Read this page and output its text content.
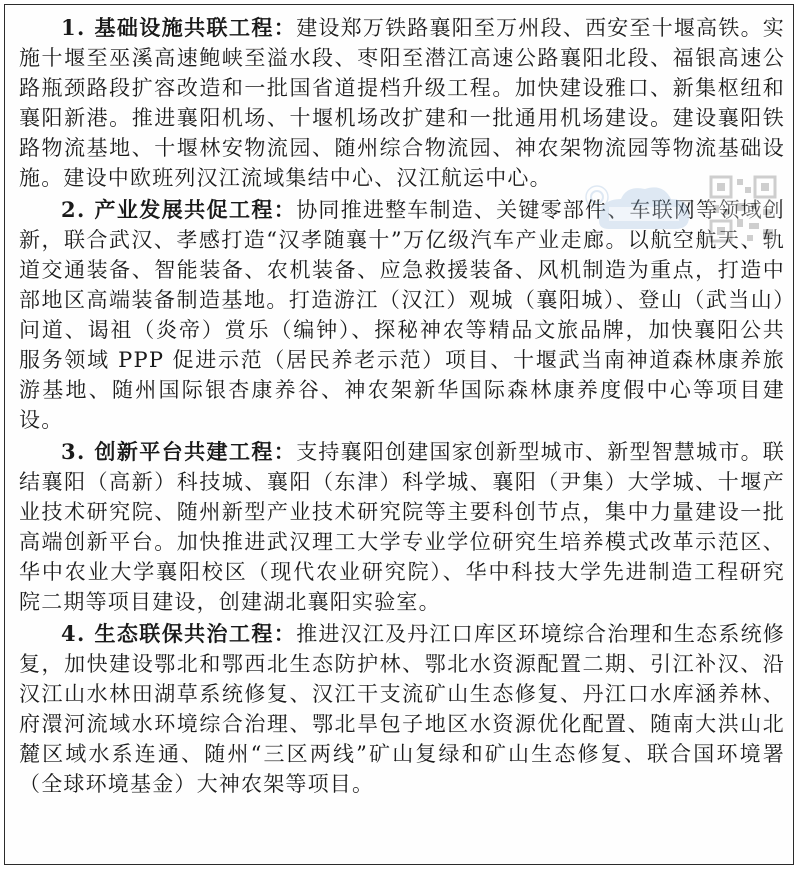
1. 基础设施共联工程：建设郑万铁路襄阳至万州段、西安至十堰高铁。实施十堰至巫溪高速鲍峡至溢水段、枣阳至潜江高速公路襄阳北段、福银高速公路瓶颈路段扩容改造和一批国省道提档升级工程。加快建设雅口、新集枢纽和襄阳新港。推进襄阳机场、十堰机场改扩建和一批通用机场建设。建设襄阳铁路物流基地、十堰林安物流园、随州综合物流园、神农架物流园等物流基础设施。建设中欧班列汉江流域集结中心、汉江航运中心。

2. 产业发展共促工程：协同推进整车制造、关键零部件、车联网等领域创新，联合武汉、孝感打造“汉孝随襄十”万亿级汽车产业走廊。以航空航天、轨道交通装备、智能装备、农机装备、应急救援装备、风机制造为重点，打造中部地区高端装备制造基地。打造游江（汉江）观城（襄阳城）、登山（武当山）问道、谒祖（炎帝）赏乐（编钟）、探秘神农等精品文旅品牌，加快襄阳公共服务领域 PPP 促进示范（居民养老示范）项目、十堰武当南神道森林康养旅游基地、随州国际银杏康养谷、神农架新华国际森林康养度假中心等项目建设。

3. 创新平台共建工程：支持襄阳创建国家创新型城市、新型智慧城市。联结襄阳（高新）科技城、襄阳（东津）科学城、襄阳（尹集）大学城、十堰产业技术研究院、随州新型产业技术研究院等主要科创节点，集中力量建设一批高端创新平台。加快推进武汉理工大学专业学位研究生培养模式改革示范区、华中农业大学襄阳校区（现代农业研究院）、华中科技大学先进制造工程研究院二期等项目建设，创建湖北襄阳实验室。

4. 生态联保共治工程：推进汉江及丹江口库区环境综合治理和生态系统修复，加快建设鄂北和鄂西北生态防护林、鄂北水资源配置二期、引江补汉、沿汉江山水林田湖草系统修复、汉江干支流矿山生态修复、丹江口水库涵养林、府澴河流域水环境综合治理、鄂北旱包子地区水资源优化配置、随南大洪山北麓区域水系连通、随州“三区两线”矿山复绿和矿山生态修复、联合国环境署（全球环境基金）大神农架等项目。
